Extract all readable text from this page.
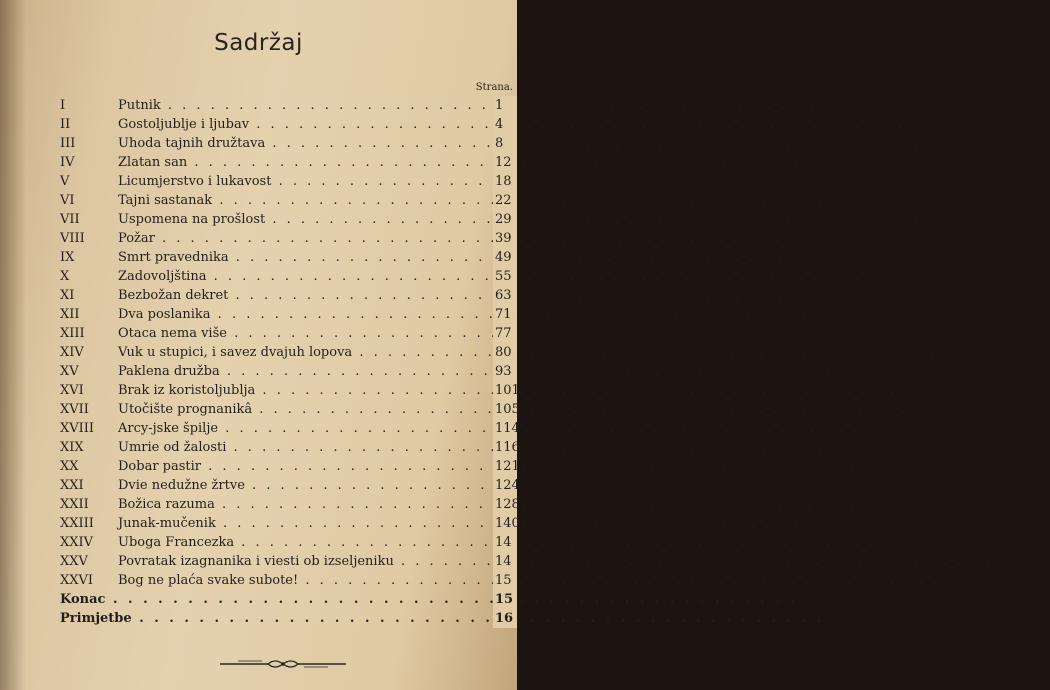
Sadržaj
Strana.
I	Putnik . . .	1
II	Gostoljublje i ljubav . . .	4
III	Uhoda tajnih družtava . . .	8
IV	Zlatan san . . .	12
V	Licumjerstvo i lukavost . . .	18
VI	Tajni sastanak . . .	22
VII	Uspomena na prošlost . . .	29
VIII	Požar . . .	39
IX	Smrt pravednika . . .	49
X	Zadovoljština . . .	55
XI	Bezbožan dekret . . .	63
XII	Dva poslanika . . .	71
XIII	Otaca nema više . . .	77
XIV	Vuk u stupici, i savez dvajuh lopova . . .	80
XV	Paklena družba . . .	93
XVI	Brak iz koristoljublja . . .	101
XVII Utočište prognanikâ . . .	105
XVIII Arcy-jske špilje . . .	114
XIX	Umrie od žalosti . . .	116
XX	Dobar pastir . . .	121
XXI	Dvie nedužne žrtve . . .	124
XXII Božica razuma . . .	128
XXIII Junak-mučenik . . .	140
XXIV Uboga Francezka . . .	14
XXV Povratak izagnanika i viesti ob izseljeniku . . .	14
XXVI Bog ne plaća svake subote! . . .	15
Konac . . .	15
Primjetbe . . .	16
